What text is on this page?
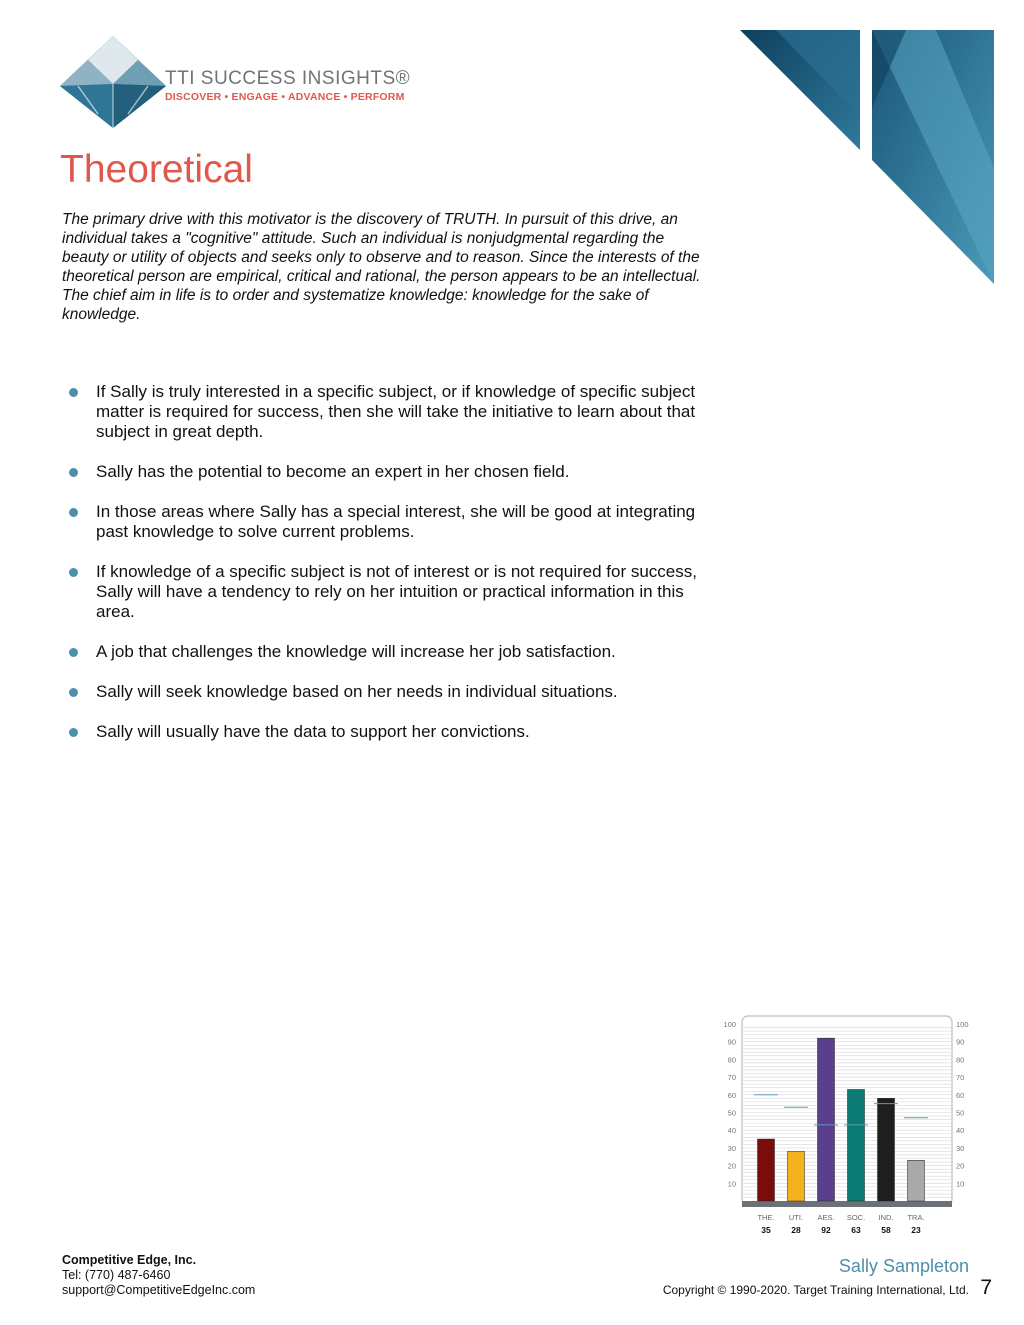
TTI SUCCESS INSIGHTS®
DISCOVER • ENGAGE • ADVANCE • PERFORM
Theoretical

The primary drive with this motivator is the discovery of TRUTH. In pursuit of this drive, an individual takes a "cognitive" attitude. Such an individual is nonjudgmental regarding the beauty or utility of objects and seeks only to observe and to reason. Since the interests of the theoretical person are empirical, critical and rational, the person appears to be an intellectual. The chief aim in life is to order and systematize knowledge: knowledge for the sake of knowledge.

If Sally is truly interested in a specific subject, or if knowledge of specific subject matter is required for success, then she will take the initiative to learn about that subject in great depth.
Sally has the potential to become an expert in her chosen field.
In those areas where Sally has a special interest, she will be good at integrating past knowledge to solve current problems.
If knowledge of a specific subject is not of interest or is not required for success, Sally will have a tendency to rely on her intuition or practical information in this area.
A job that challenges the knowledge will increase her job satisfaction.
Sally will seek knowledge based on her needs in individual situations.
Sally will usually have the data to support her convictions.
10	10
20	20
30	30
40	40
50	50
60	60
70	70
80	80
90	90
100	100
THE.
35
UTI.
28
AES.
92
SOC.
63
IND.
58
TRA.
23
Competitive Edge, Inc.
Tel: (770) 487-6460
support@CompetitiveEdgeInc.com
Sally Sampleton
Copyright © 1990-2020. Target Training International, Ltd. 7
